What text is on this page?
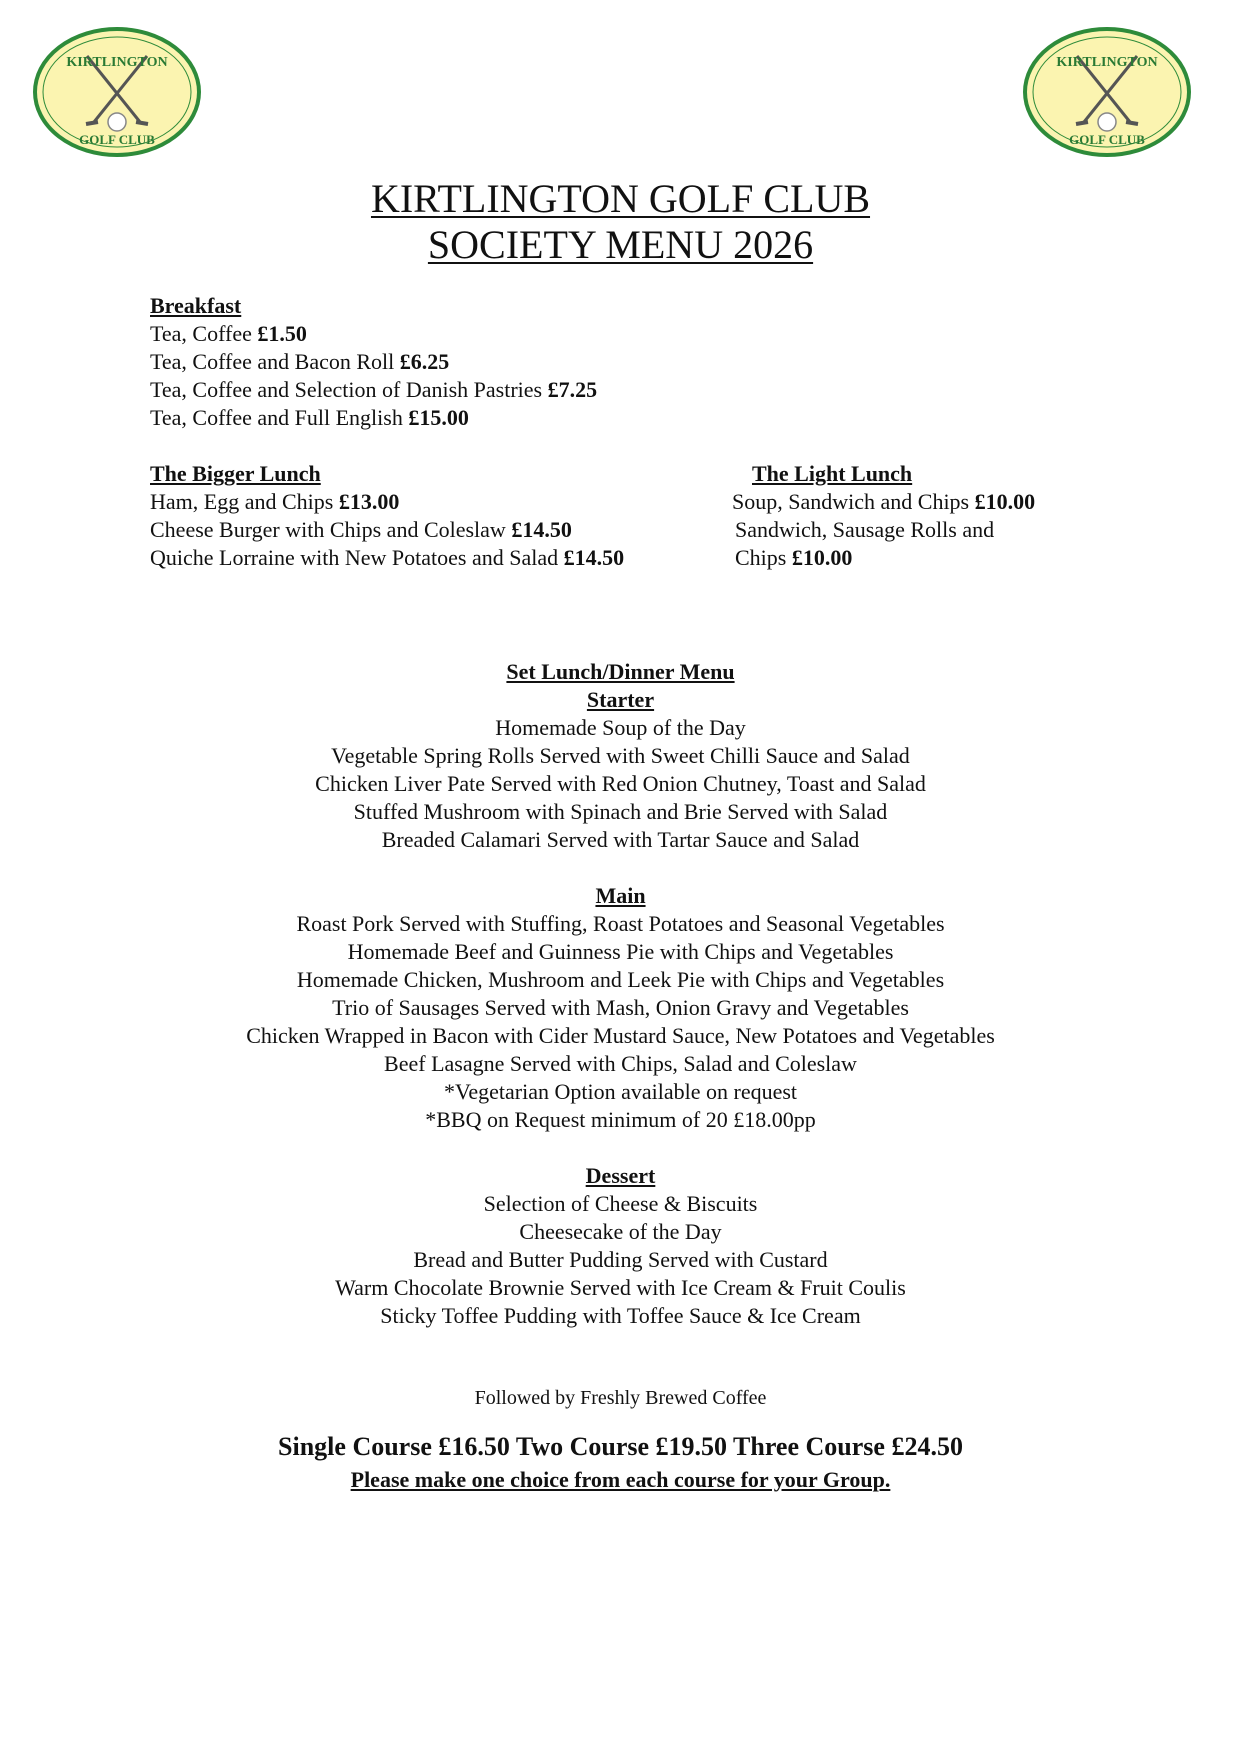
KIRTLINGTON
GOLF CLUB
KIRTLINGTON
GOLF CLUB
KIRTLINGTON GOLF CLUB
SOCIETY MENU 2026
Breakfast
Tea, Coffee £1.50
Tea, Coffee and Bacon Roll £6.25
Tea, Coffee and Selection of Danish Pastries £7.25
Tea, Coffee and Full English £15.00
The Bigger Lunch
Ham, Egg and Chips £13.00
Cheese Burger with Chips and Coleslaw £14.50
Quiche Lorraine with New Potatoes and Salad £14.50
The Light Lunch
Soup, Sandwich and Chips £10.00
Sandwich, Sausage Rolls and
Chips £10.00
Set Lunch/Dinner Menu
Starter
Homemade Soup of the Day
Vegetable Spring Rolls Served with Sweet Chilli Sauce and Salad
Chicken Liver Pate Served with Red Onion Chutney, Toast and Salad
Stuffed Mushroom with Spinach and Brie Served with Salad
Breaded Calamari Served with Tartar Sauce and Salad
Main
Roast Pork Served with Stuffing, Roast Potatoes and Seasonal Vegetables
Homemade Beef and Guinness Pie with Chips and Vegetables
Homemade Chicken, Mushroom and Leek Pie with Chips and Vegetables
Trio of Sausages Served with Mash, Onion Gravy and Vegetables
Chicken Wrapped in Bacon with Cider Mustard Sauce, New Potatoes and Vegetables
Beef Lasagne Served with Chips, Salad and Coleslaw
*Vegetarian Option available on request
*BBQ on Request minimum of 20 £18.00pp
Dessert
Selection of Cheese & Biscuits
Cheesecake of the Day
Bread and Butter Pudding Served with Custard
Warm Chocolate Brownie Served with Ice Cream & Fruit Coulis
Sticky Toffee Pudding with Toffee Sauce & Ice Cream
Followed by Freshly Brewed Coffee
Single Course £16.50 Two Course £19.50 Three Course £24.50
Please make one choice from each course for your Group.
